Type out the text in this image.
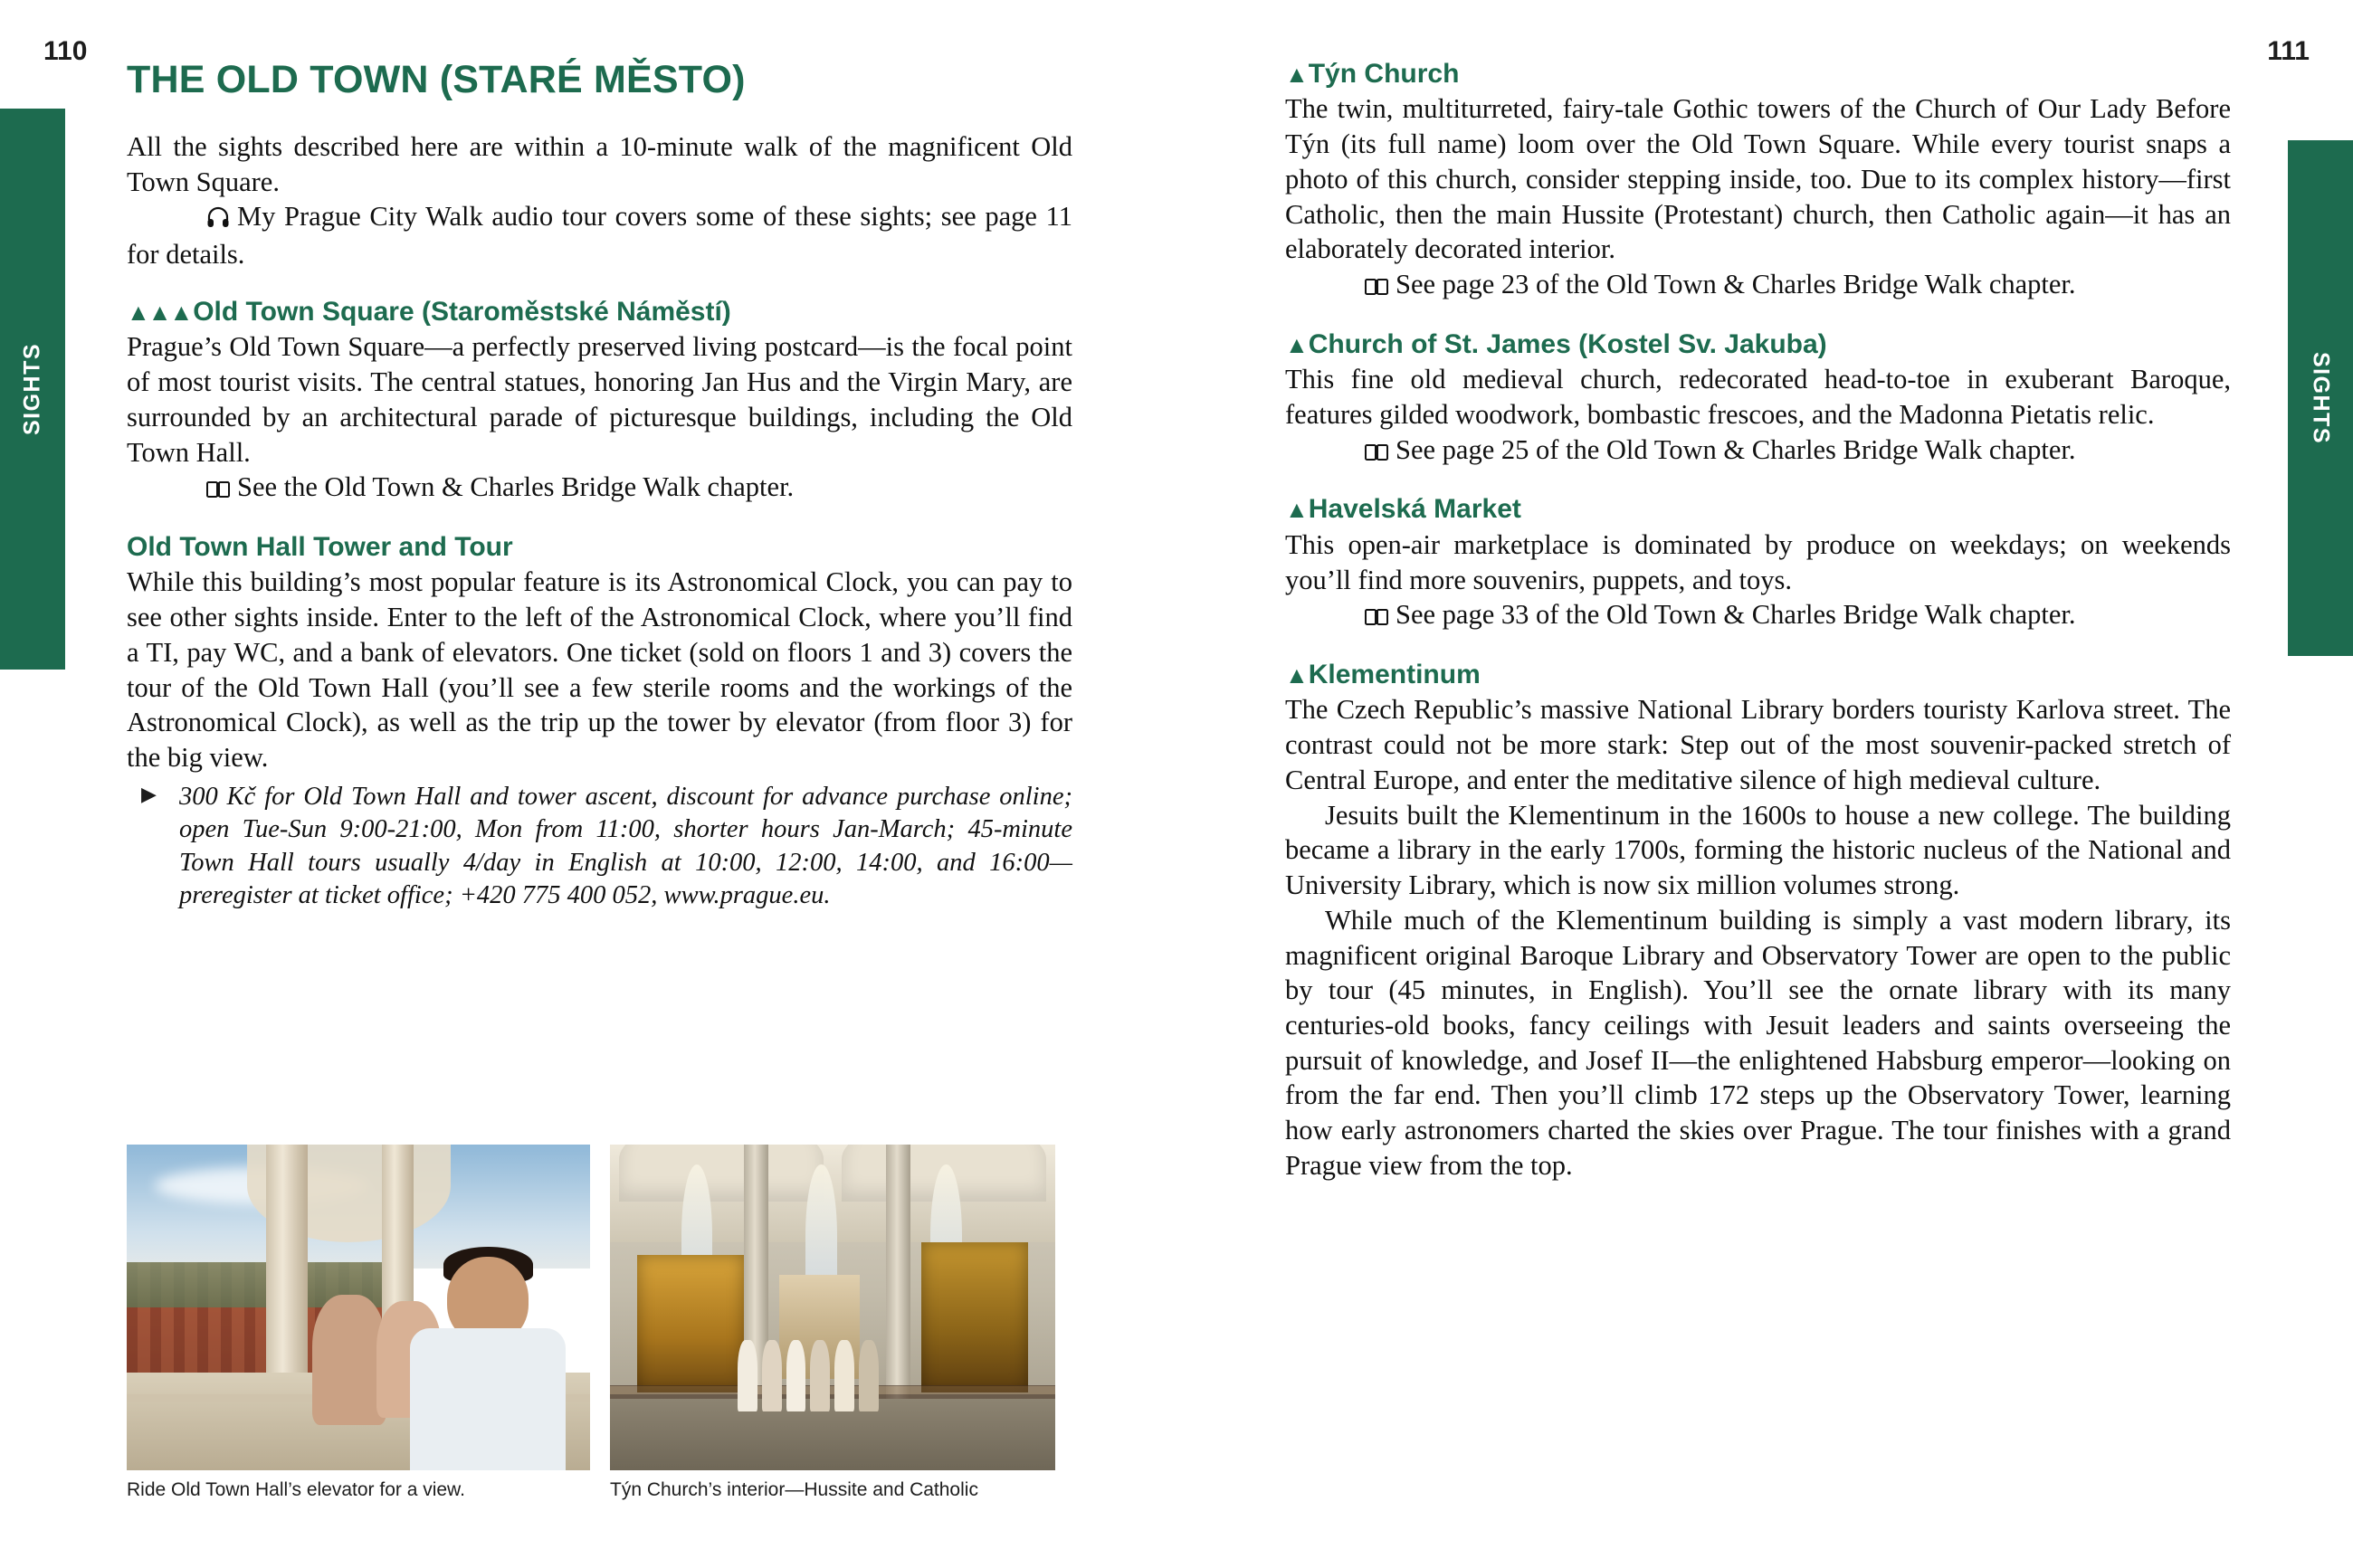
SIGHTS	SIGHTS
110	111
THE OLD TOWN (STARÉ MĚSTO)

All the sights described here are within a 10-minute walk of the magnificent Old Town Square.

My Prague City Walk audio tour covers some of these sights; see page 11 for details.

▲▲▲Old Town Square (Staroměstské Náměstí)

Prague’s Old Town Square—a perfectly preserved living postcard—is the focal point of most tourist visits. The central statues, honoring Jan Hus and the Virgin Mary, are surrounded by an architectural parade of picturesque buildings, including the Old Town Hall.

See the Old Town & Charles Bridge Walk chapter.

Old Town Hall Tower and Tour

While this building’s most popular feature is its Astronomical Clock, you can pay to see other sights inside. Enter to the left of the Astronomical Clock, where you’ll find a TI, pay WC, and a bank of elevators. One ticket (sold on floors 1 and 3) covers the tour of the Old Town Hall (you’ll see a few sterile rooms and the workings of the Astronomical Clock), as well as the trip up the tower by elevator (from floor 3) for the big view.

▶ 300 Kč for Old Town Hall and tower ascent, discount for advance purchase online; open Tue-Sun 9:00-21:00, Mon from 11:00, shorter hours Jan-March; 45-minute Town Hall tours usually 4/day in English at 10:00, 12:00, 14:00, and 16:00—preregister at ticket office; +420 775 400 052, www.prague.eu.
Ride Old Town Hall’s elevator for a view.	Týn Church’s interior—Hussite and Catholic
▲Týn Church

The twin, multiturreted, fairy-tale Gothic towers of the Church of Our Lady Before Týn (its full name) loom over the Old Town Square. While every tourist snaps a photo of this church, consider stepping inside, too. Due to its complex history—first Catholic, then the main Hussite (Protestant) church, then Catholic again—it has an elaborately decorated interior.

See page 23 of the Old Town & Charles Bridge Walk chapter.

▲Church of St. James (Kostel Sv. Jakuba)

This fine old medieval church, redecorated head-to-toe in exuberant Baroque, features gilded woodwork, bombastic frescoes, and the Madonna Pietatis relic.

See page 25 of the Old Town & Charles Bridge Walk chapter.

▲Havelská Market

This open-air marketplace is dominated by produce on weekdays; on weekends you’ll find more souvenirs, puppets, and toys.

See page 33 of the Old Town & Charles Bridge Walk chapter.

▲Klementinum

The Czech Republic’s massive National Library borders touristy Karlova street. The contrast could not be more stark: Step out of the most souvenir-packed stretch of Central Europe, and enter the meditative silence of high medieval culture.

Jesuits built the Klementinum in the 1600s to house a new college. The building became a library in the early 1700s, forming the historic nucleus of the National and University Library, which is now six million volumes strong.

While much of the Klementinum building is simply a vast modern library, its magnificent original Baroque Library and Observatory Tower are open to the public by tour (45 minutes, in English). You’ll see the ornate library with its many centuries-old books, fancy ceilings with Jesuit leaders and saints overseeing the pursuit of knowledge, and Josef II—the enlightened Habsburg emperor—looking on from the far end. Then you’ll climb 172 steps up the Observatory Tower, learning how early astronomers charted the skies over Prague. The tour finishes with a grand Prague view from the top.
